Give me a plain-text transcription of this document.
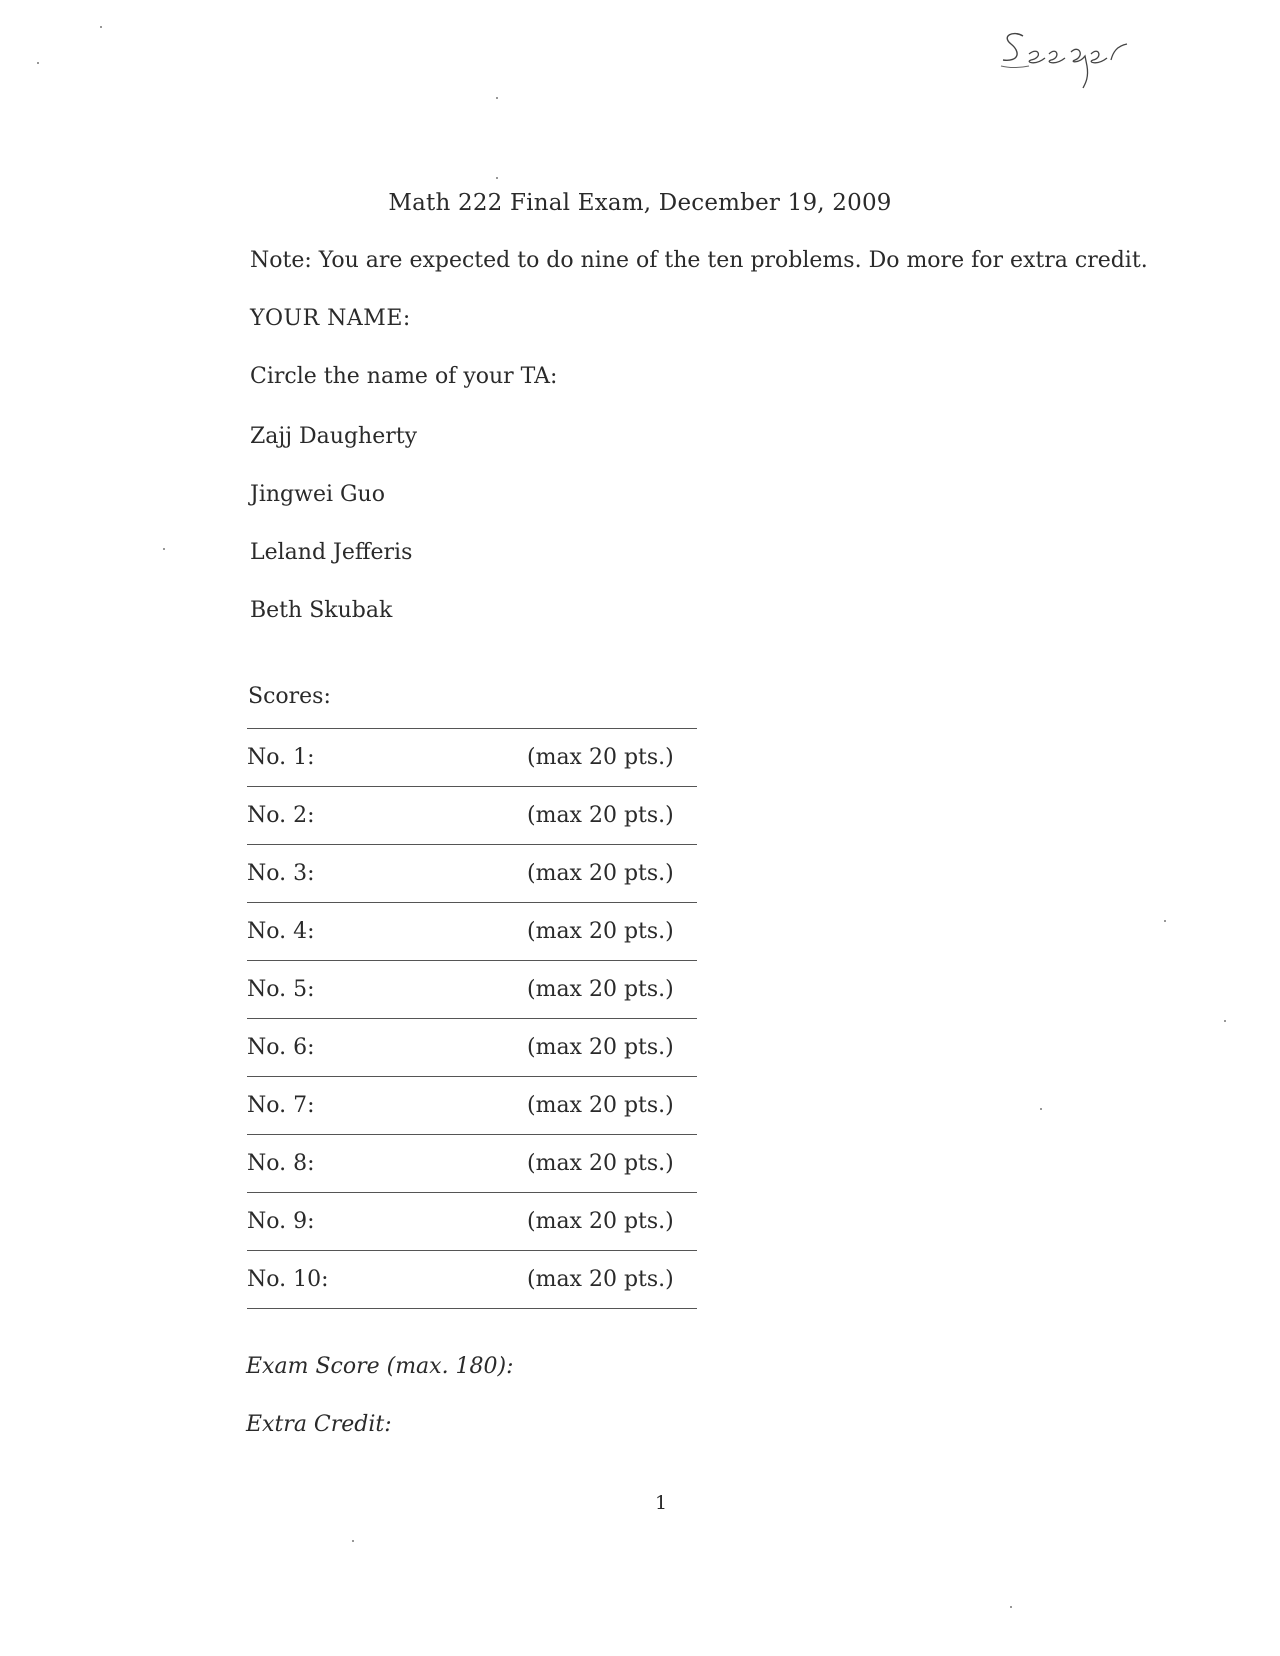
Math 222 Final Exam, December 19, 2009
Note: You are expected to do nine of the ten problems. Do more for extra credit.
YOUR NAME:
Circle the name of your TA:
Zajj Daugherty
Jingwei Guo
Leland Jefferis
Beth Skubak
Scores:
No. 1:	(max 20 pts.)
No. 2:	(max 20 pts.)
No. 3:	(max 20 pts.)
No. 4:	(max 20 pts.)
No. 5:	(max 20 pts.)
No. 6:	(max 20 pts.)
No. 7:	(max 20 pts.)
No. 8:	(max 20 pts.)
No. 9:	(max 20 pts.)
No. 10:	(max 20 pts.)
Exam Score (max. 180):
Extra Credit:
1
